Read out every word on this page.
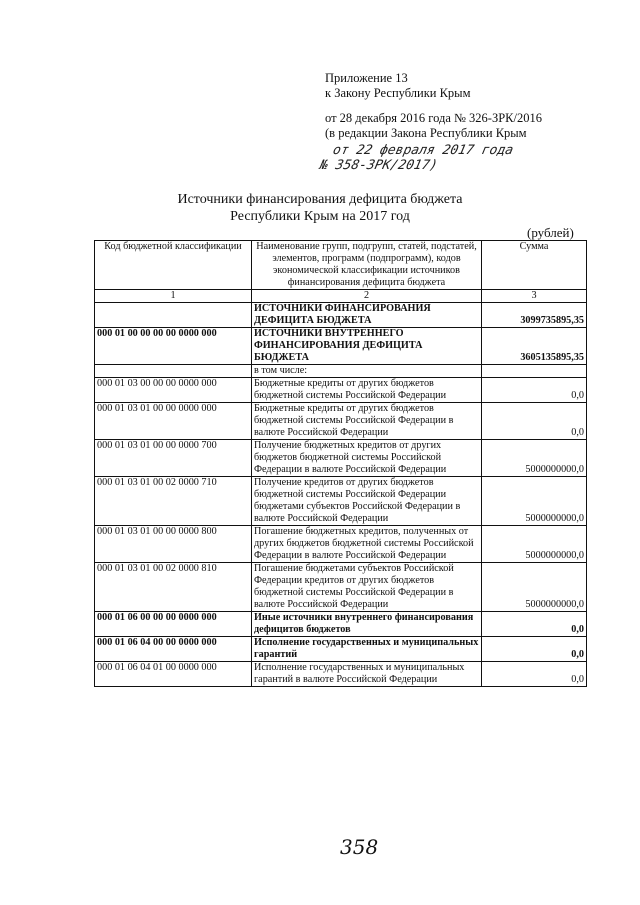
Приложение 13
к Закону Республики Крым
от 28 декабря 2016 года № 326-ЗРК/2016
(в редакции Закона Республики Крым
от 22 февраля 2017 года
№ 358-ЗРК/2017)
Источники финансирования дефицита бюджета
Республики Крым на 2017 год
(рублей)
Код бюджетной классификации	Наименование групп, подгрупп, статей, подстатей, элементов, программ (подпрограмм), кодов экономической классификации источников финансирования дефицита бюджета	Сумма
1	2	3
	ИСТОЧНИКИ ФИНАНСИРОВАНИЯ ДЕФИЦИТА БЮДЖЕТА	3099735895,35
000 01 00 00 00 00 0000 000	ИСТОЧНИКИ ВНУТРЕННЕГО ФИНАНСИРОВАНИЯ ДЕФИЦИТА БЮДЖЕТА	3605135895,35
	в том числе:	
000 01 03 00 00 00 0000 000	Бюджетные кредиты от других бюджетов бюджетной системы Российской Федерации	0,0
000 01 03 01 00 00 0000 000	Бюджетные кредиты от других бюджетов бюджетной системы Российской Федерации в валюте Российской Федерации	0,0
000 01 03 01 00 00 0000 700	Получение бюджетных кредитов от других бюджетов бюджетной системы Российской Федерации в валюте Российской Федерации	5000000000,0
000 01 03 01 00 02 0000 710	Получение кредитов от других бюджетов бюджетной системы Российской Федерации бюджетами субъектов Российской Федерации в валюте Российской Федерации	5000000000,0
000 01 03 01 00 00 0000 800	Погашение бюджетных кредитов, полученных от других бюджетов бюджетной системы Российской Федерации в валюте Российской Федерации	5000000000,0
000 01 03 01 00 02 0000 810	Погашение бюджетами субъектов Российской Федерации кредитов от других бюджетов бюджетной системы Российской Федерации в валюте Российской Федерации	5000000000,0
000 01 06 00 00 00 0000 000	Иные источники внутреннего финансирования дефицитов бюджетов	0,0
000 01 06 04 00 00 0000 000	Исполнение государственных и муниципальных гарантий	0,0
000 01 06 04 01 00 0000 000	Исполнение государственных и муниципальных гарантий в валюте Российской Федерации	0,0
358
